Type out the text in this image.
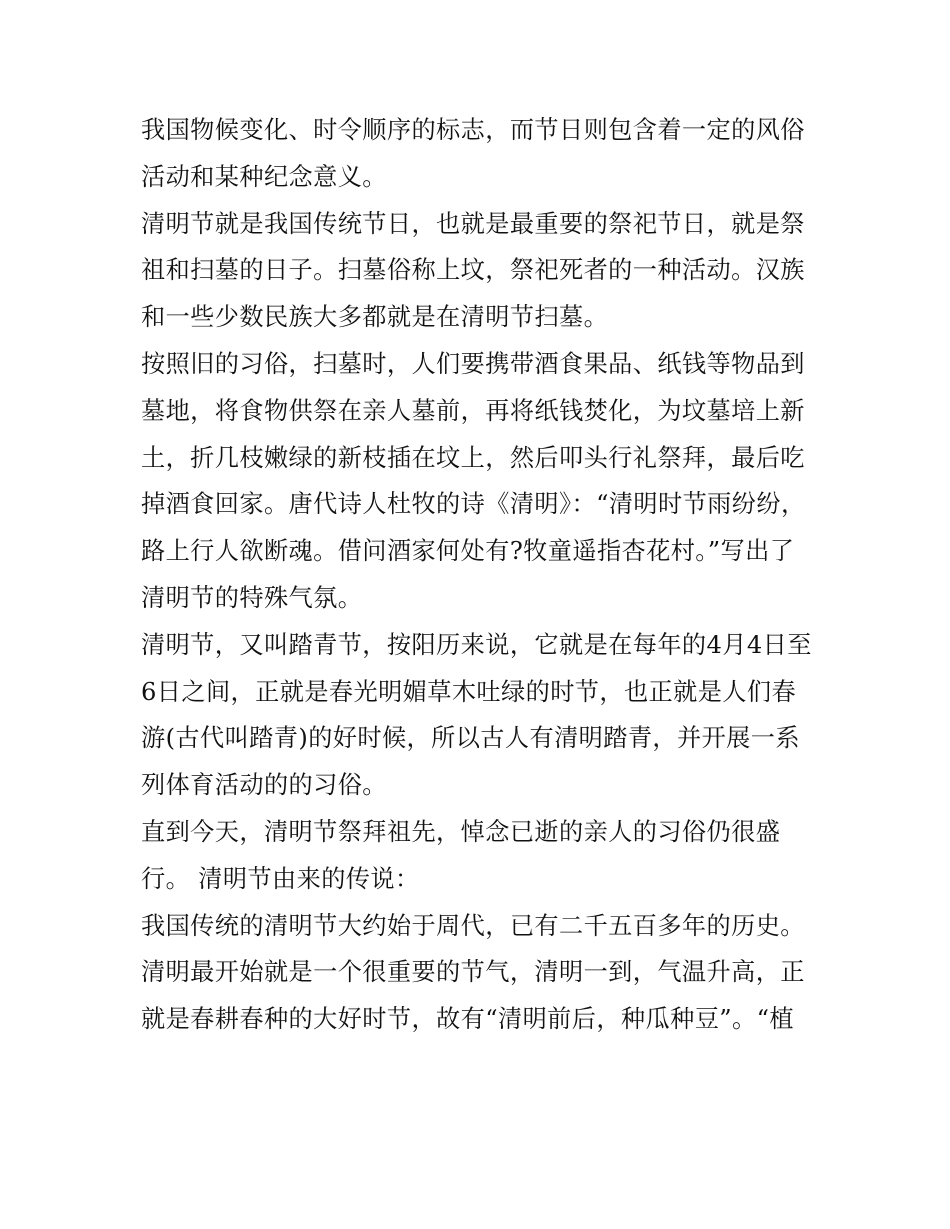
我国物候变化、时令顺序的标志，而节日则包含着一定的风俗活动和某种纪念意义。

清明节就是我国传统节日，也就是最重要的祭祀节日，就是祭祖和扫墓的日子。扫墓俗称上坟，祭祀死者的一种活动。汉族和一些少数民族大多都就是在清明节扫墓。

按照旧的习俗，扫墓时，人们要携带酒食果品、纸钱等物品到墓地，将食物供祭在亲人墓前，再将纸钱焚化，为坟墓培上新土，折几枝嫩绿的新枝插在坟上，然后叩头行礼祭拜，最后吃掉酒食回家。唐代诗人杜牧的诗《清明》：“清明时节雨纷纷，路上行人欲断魂。借问酒家何处有?牧童遥指杏花村。”写出了清明节的特殊气氛。

清明节，又叫踏青节，按阳历来说，它就是在每年的4月4日至6日之间，正就是春光明媚草木吐绿的时节，也正就是人们春游(古代叫踏青)的好时候，所以古人有清明踏青，并开展一系列体育活动的的习俗。

直到今天，清明节祭拜祖先，悼念已逝的亲人的习俗仍很盛行。 清明节由来的传说：

我国传统的清明节大约始于周代，已有二千五百多年的历史。清明最开始就是一个很重要的节气，清明一到，气温升高，正就是春耕春种的大好时节，故有“清明前后，种瓜种豆”。“植
